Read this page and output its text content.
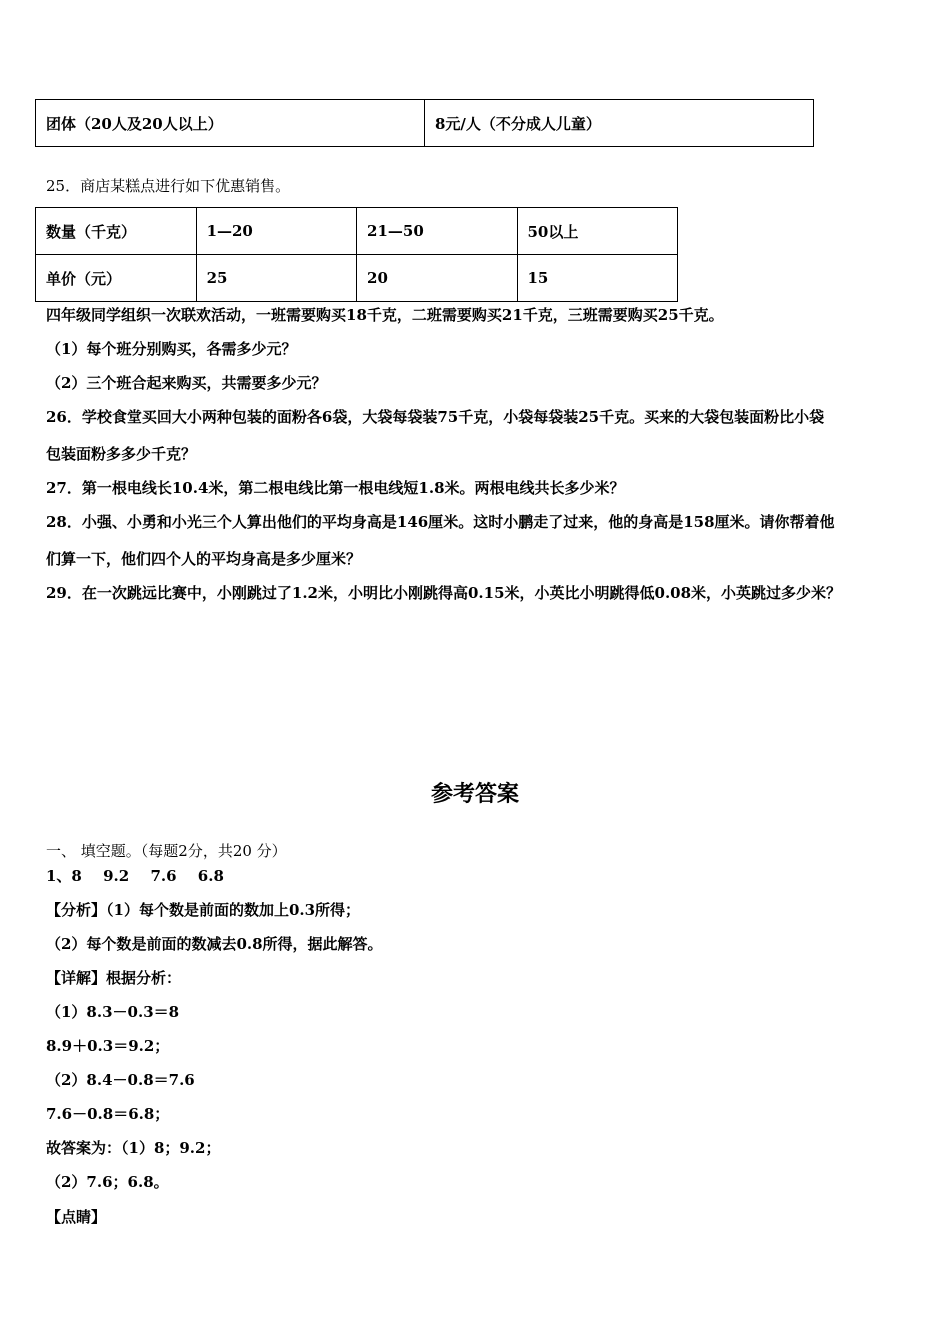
团体（20人及20人以上）	8元/人（不分成人儿童）
25．商店某糕点进行如下优惠销售。
数量（千克）	1—20	21—50	50以上
单价（元）	25	20	15
四年级同学组织一次联欢活动，一班需要购买18千克，二班需要购买21千克，三班需要购买25千克。
（1）每个班分别购买，各需多少元？
（2）三个班合起来购买，共需要多少元？
26．学校食堂买回大小两种包装的面粉各6袋，大袋每袋装75千克，小袋每袋装25千克。买来的大袋包装面粉比小袋
包装面粉多多少千克？
27．第一根电线长10.4米，第二根电线比第一根电线短1.8米。两根电线共长多少米？
28．小强、小勇和小光三个人算出他们的平均身高是146厘米。这时小鹏走了过来，他的身高是158厘米。请你帮着他
们算一下，他们四个人的平均身高是多少厘米？
29．在一次跳远比赛中，小刚跳过了1.2米，小明比小刚跳得高0.15米，小英比小明跳得低0.08米，小英跳过多少米？
参考答案
一、 填空题。（每题2分，共20 分）
1、8 9.2 7.6 6.8
【分析】（1）每个数是前面的数加上0.3所得；
（2）每个数是前面的数减去0.8所得，据此解答。
【详解】根据分析：
（1）8.3－0.3＝8
8.9＋0.3＝9.2；
（2）8.4－0.8＝7.6
7.6－0.8＝6.8；
故答案为：（1）8；9.2；
（2）7.6；6.8。
【点睛】
